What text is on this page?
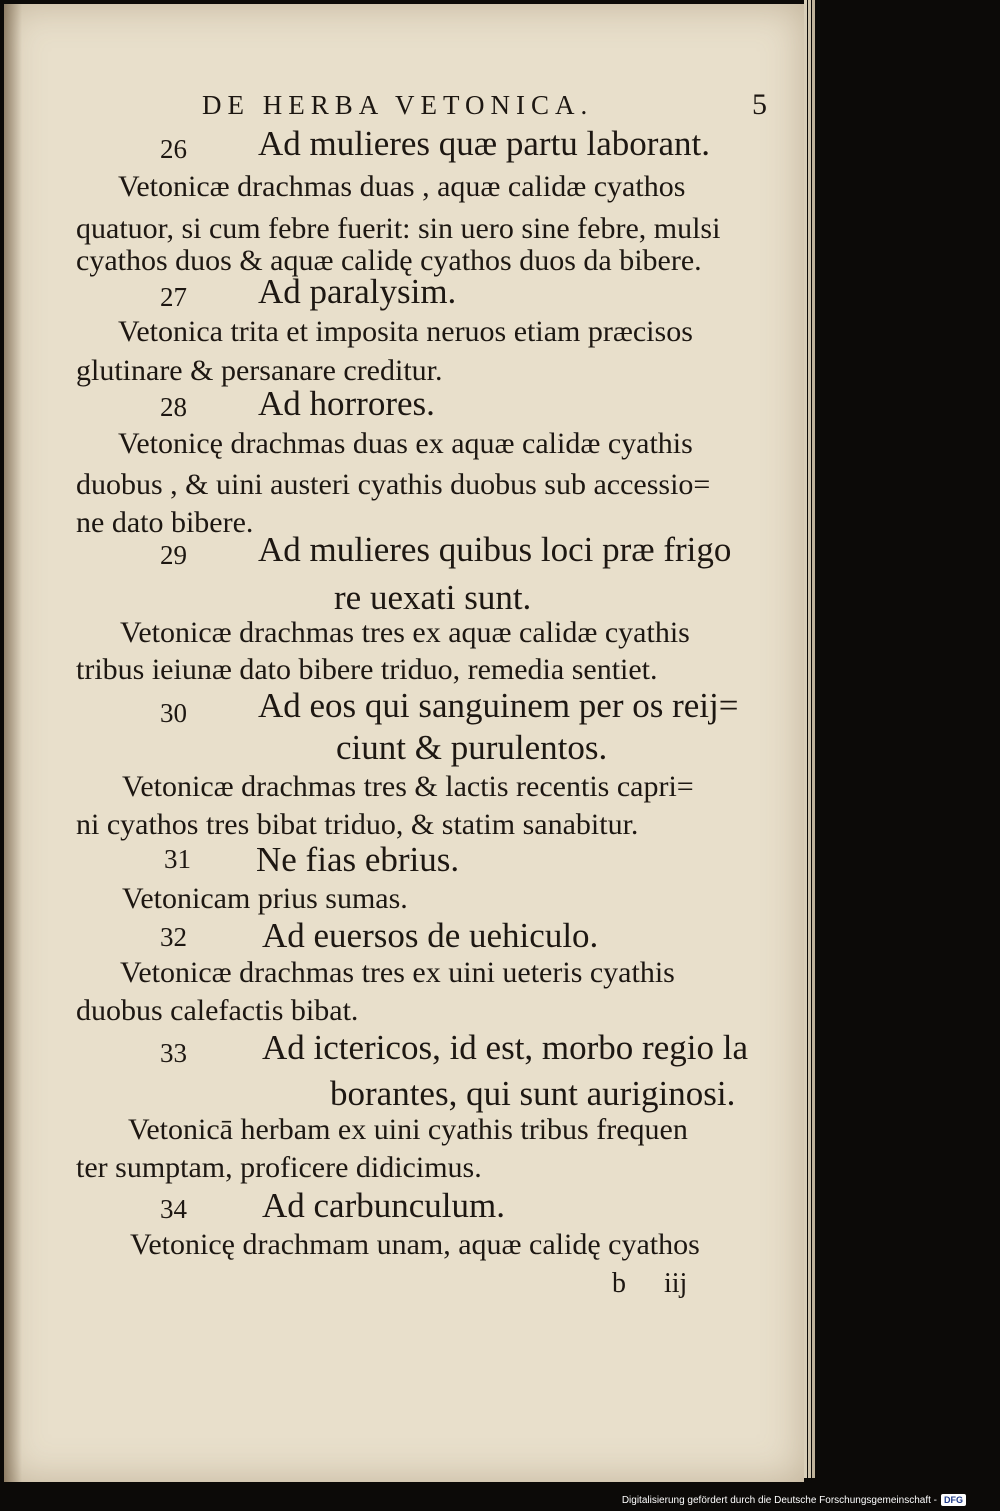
DE HERBA VETONICA.	5
26 Ad mulieres quæ partu laborant.
Vetonicæ drachmas duas , aquæ calidæ cyathos
quatuor, si cum febre fuerit: sin uero sine febre, mulsi
cyathos duos & aquæ calidę cyathos duos da bibere.
27 Ad paralysim.
Vetonica trita et imposita neruos etiam præcisos
glutinare & persanare creditur.
28 Ad horrores.
Vetonicę drachmas duas ex aquæ calidæ cyathis
duobus , & uini austeri cyathis duobus sub accessio=
ne dato bibere.
29 Ad mulieres quibus loci præ frigo
re uexati sunt.
Vetonicæ drachmas tres ex aquæ calidæ cyathis
tribus ieiunæ dato bibere triduo, remedia sentiet.
30 Ad eos qui sanguinem per os reij=
ciunt & purulentos.
Vetonicæ drachmas tres & lactis recentis capri=
ni cyathos tres bibat triduo, & statim sanabitur.
31 Ne fias ebrius.
Vetonicam prius sumas.
32 Ad euersos de uehiculo.
Vetonicæ drachmas tres ex uini ueteris cyathis
duobus calefactis bibat.
33 Ad ictericos, id est, morbo regio la
borantes, qui sunt auriginosi.
Vetonicā herbam ex uini cyathis tribus frequen
ter sumptam, proficere didicimus.
34 Ad carbunculum.
Vetonicę drachmam unam, aquæ calidę cyathos
b iij
Digitalisierung gefördert durch die Deutsche Forschungsgemeinschaft - DFG
